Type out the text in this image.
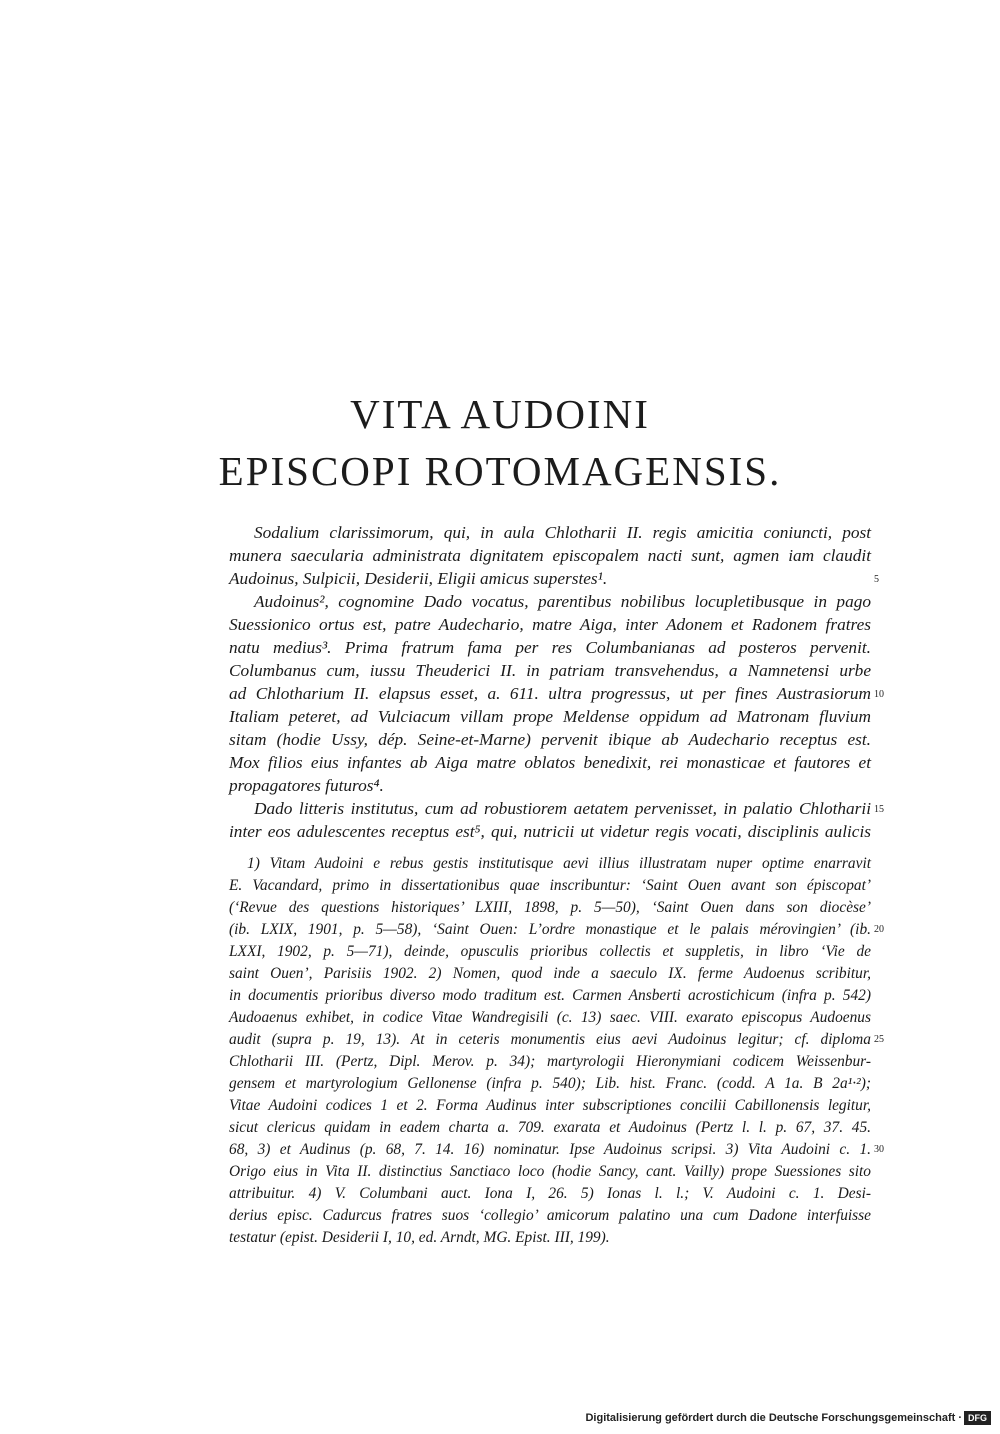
VITA AUDOINI
EPISCOPI ROTOMAGENSIS.
Sodalium clarissimorum, qui, in aula Chlotharii II. regis amicitia coniuncti, post
munera saecularia administrata dignitatem episcopalem nacti sunt, agmen iam claudit
Audoinus, Sulpicii, Desiderii, Eligii amicus superstes¹.
Audoinus², cognomine Dado vocatus, parentibus nobilibus locupletibusque in pago
Suessionico ortus est, patre Audechario, matre Aiga, inter Adonem et Radonem fratres
natu medius³. Prima fratrum fama per res Columbanianas ad posteros pervenit.
Columbanus cum, iussu Theuderici II. in patriam transvehendus, a Namnetensi urbe
ad Chlotharium II. elapsus esset, a. 611. ultra progressus, ut per fines Austrasiorum
Italiam peteret, ad Vulciacum villam prope Meldense oppidum ad Matronam fluvium
sitam (hodie Ussy, dép. Seine-et-Marne) pervenit ibique ab Audechario receptus est.
Mox filios eius infantes ab Aiga matre oblatos benedixit, rei monasticae et fautores et
propagatores futuros⁴.
Dado litteris institutus, cum ad robustiorem aetatem pervenisset, in palatio Chlotharii
inter eos adulescentes receptus est⁵, qui, nutricii ut videtur regis vocati, disciplinis aulicis
5
10
15
1) Vitam Audoini e rebus gestis institutisque aevi illius illustratam nuper optime enarravit
E. Vacandard, primo in dissertationibus quae inscribuntur: ‘Saint Ouen avant son épiscopat’
(‘Revue des questions historiques’ LXIII, 1898, p. 5—50), ‘Saint Ouen dans son diocèse’
(ib. LXIX, 1901, p. 5—58), ‘Saint Ouen: L’ordre monastique et le palais mérovingien’ (ib.
LXXI, 1902, p. 5—71), deinde, opusculis prioribus collectis et suppletis, in libro ‘Vie de
saint Ouen’, Parisiis 1902. 2) Nomen, quod inde a saeculo IX. ferme Audoenus scribitur,
in documentis prioribus diverso modo traditum est. Carmen Ansberti acrostichicum (infra p. 542)
Audoaenus exhibet, in codice Vitae Wandregisili (c. 13) saec. VIII. exarato episcopus Audoenus
audit (supra p. 19, 13). At in ceteris monumentis eius aevi Audoinus legitur; cf. diploma
Chlotharii III. (Pertz, Dipl. Merov. p. 34); martyrologii Hieronymiani codicem Weissenbur-
gensem et martyrologium Gellonense (infra p. 540); Lib. hist. Franc. (codd. A 1a. B 2a¹·²);
Vitae Audoini codices 1 et 2. Forma Audinus inter subscriptiones concilii Cabillonensis legitur,
sicut clericus quidam in eadem charta a. 709. exarata et Audoinus (Pertz l. l. p. 67, 37. 45.
68, 3) et Audinus (p. 68, 7. 14. 16) nominatur. Ipse Audoinus scripsi. 3) Vita Audoini c. 1.
Origo eius in Vita II. distinctius Sanctiaco loco (hodie Sancy, cant. Vailly) prope Suessiones sito
attribuitur. 4) V. Columbani auct. Iona I, 26. 5) Ionas l. l.; V. Audoini c. 1. Desi-
derius episc. Cadurcus fratres suos ‘collegio’ amicorum palatino una cum Dadone interfuisse
testatur (epist. Desiderii I, 10, ed. Arndt, MG. Epist. III, 199).
20
25
30
Digitalisierung gefördert durch die Deutsche Forschungsgemeinschaft · DFG
